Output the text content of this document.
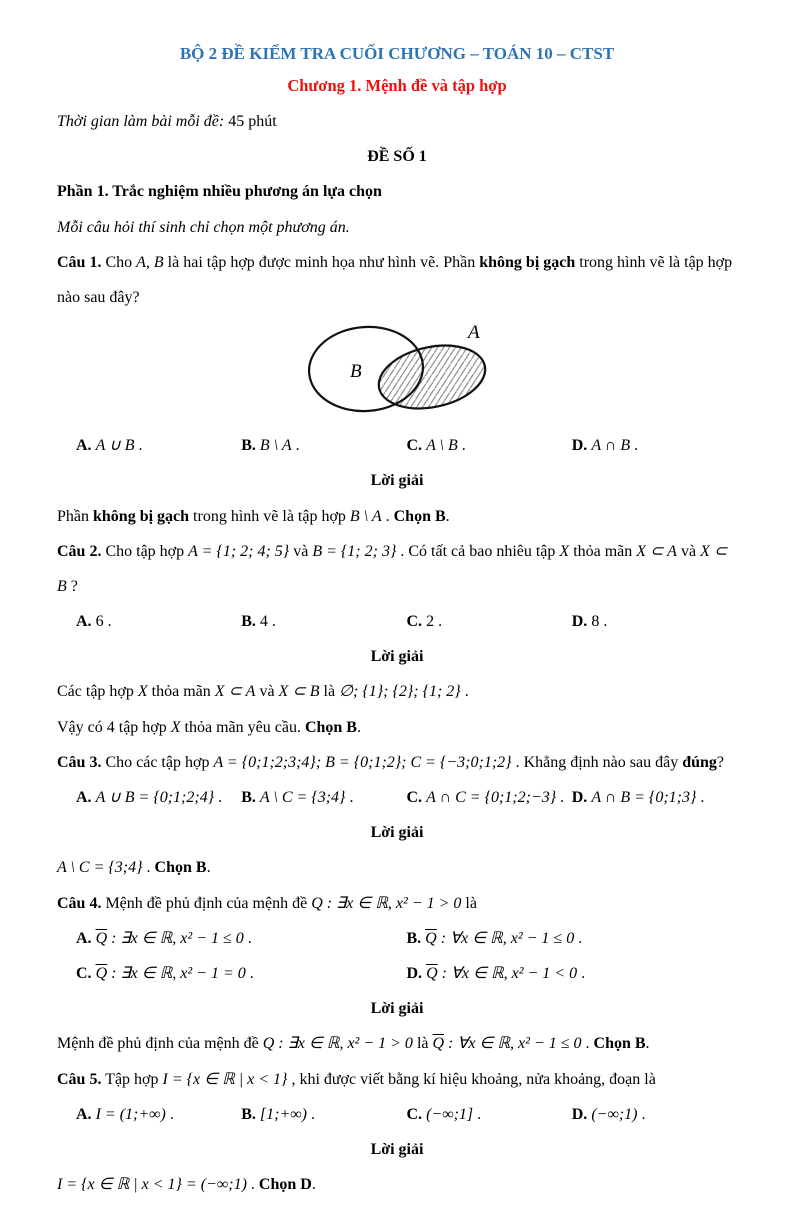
BỘ 2 ĐỀ KIỂM TRA CUỐI CHƯƠNG – TOÁN 10 – CTST
Chương 1. Mệnh đề và tập hợp

Thời gian làm bài mỗi đề: 45 phút

ĐỀ SỐ 1

Phần 1. Trắc nghiệm nhiều phương án lựa chọn

Mỗi câu hỏi thí sinh chỉ chọn một phương án.

Câu 1. Cho A, B là hai tập hợp được minh họa như hình vẽ. Phần không bị gạch trong hình vẽ là tập hợp nào sau đây?

A
B
A. A ∪ B .	B. B \ A .	C. A \ B .	D. A ∩ B .

Lời giải

Phần không bị gạch trong hình vẽ là tập hợp B \ A . Chọn B.

Câu 2. Cho tập hợp A = {1; 2; 4; 5} và B = {1; 2; 3} . Có tất cả bao nhiêu tập X thỏa mãn X ⊂ A và X ⊂ B ?

A. 6 .	B. 4 .	C. 2 .	D. 8 .

Lời giải

Các tập hợp X thỏa mãn X ⊂ A và X ⊂ B là ∅; {1}; {2}; {1; 2} .

Vậy có 4 tập hợp X thỏa mãn yêu cầu. Chọn B.

Câu 3. Cho các tập hợp A = {0;1;2;3;4}; B = {0;1;2}; C = {−3;0;1;2} . Khẳng định nào sau đây đúng?

A. A ∪ B = {0;1;2;4} .	B. A \ C = {3;4} .	C. A ∩ C = {0;1;2;−3} . D. A ∩ B = {0;1;3} .

Lời giải

A \ C = {3;4} . Chọn B.

Câu 4. Mệnh đề phủ định của mệnh đề Q : ∃x ∈ ℝ, x² − 1 > 0 là

A. $\overline{Q}$ : ∃x ∈ ℝ, x² − 1 ≤ 0 .	B. $\overline{Q}$ : ∀x ∈ ℝ, x² − 1 ≤ 0 .
C. $\overline{Q}$ : ∃x ∈ ℝ, x² − 1 = 0 .	D. $\overline{Q}$ : ∀x ∈ ℝ, x² − 1 < 0 .

Lời giải

Mệnh đề phủ định của mệnh đề Q : ∃x ∈ ℝ, x² − 1 > 0 là $\overline{Q}$ : ∀x ∈ ℝ, x² − 1 ≤ 0 . Chọn B.

Câu 5. Tập hợp I = {x ∈ ℝ | x < 1} , khi được viết bằng kí hiệu khoảng, nửa khoảng, đoạn là

A. I = (1;+∞) .	B. [1;+∞) .	C. (−∞;1] .	D. (−∞;1) .

Lời giải

I = {x ∈ ℝ | x < 1} = (−∞;1) . Chọn D.
